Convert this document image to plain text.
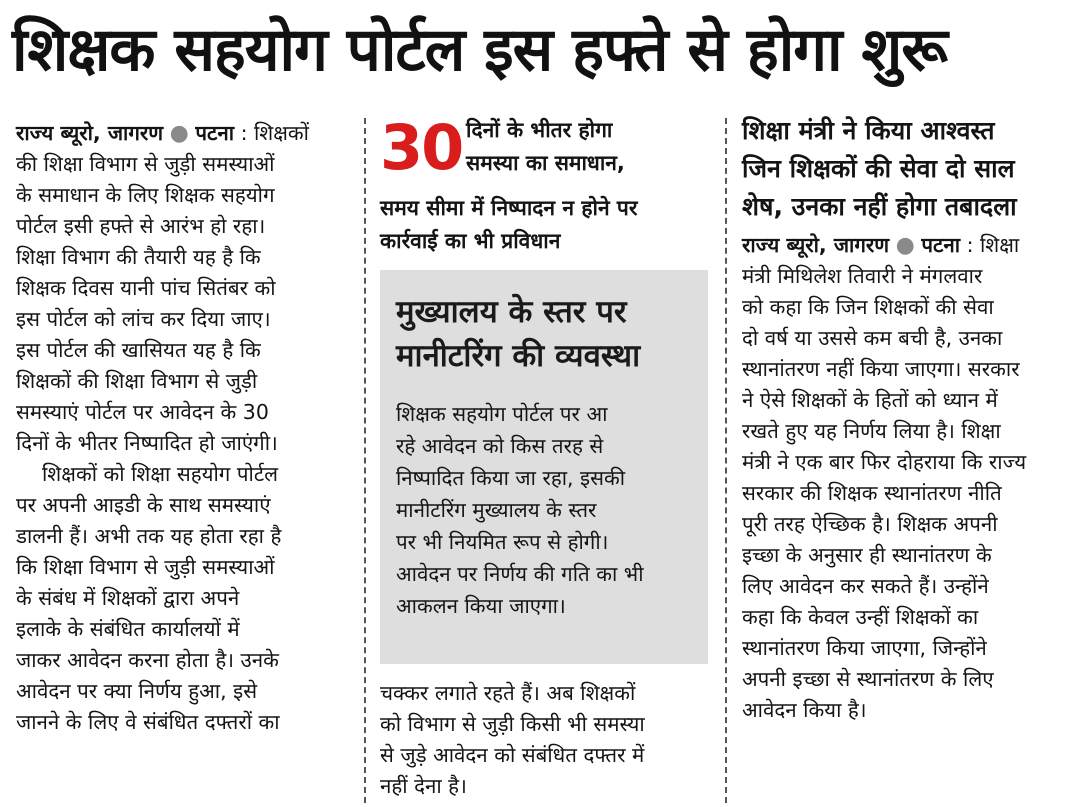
शिक्षक सहयोग पोर्टल इस हफ्ते से होगा शुरू
राज्य ब्यूरो, जागरण ● पटना : शिक्षकों
की शिक्षा विभाग से जुड़ी समस्याओं
के समाधान के लिए शिक्षक सहयोग
पोर्टल इसी हफ्ते से आरंभ हो रहा।
शिक्षा विभाग की तैयारी यह है कि
शिक्षक दिवस यानी पांच सितंबर को
इस पोर्टल को लांच कर दिया जाए।
इस पोर्टल की खासियत यह है कि
शिक्षकों की शिक्षा विभाग से जुड़ी
समस्याएं पोर्टल पर आवेदन के 30
दिनों के भीतर निष्पादित हो जाएंगी।
शिक्षकों को शिक्षा सहयोग पोर्टल
पर अपनी आइडी के साथ समस्याएं
डालनी हैं। अभी तक यह होता रहा है
कि शिक्षा विभाग से जुड़ी समस्याओं
के संबंध में शिक्षकों द्वारा अपने
इलाके के संबंधित कार्यालयों में
जाकर आवेदन करना होता है। उनके
आवेदन पर क्या निर्णय हुआ, इसे
जानने के लिए वे संबंधित दफ्तरों का
30 दिनों के भीतर होगा
समस्या का समाधान,
समय सीमा में निष्पादन न होने पर
कार्रवाई का भी प्रविधान
मुख्यालय के स्तर पर
मानीटरिंग की व्यवस्था
शिक्षक सहयोग पोर्टल पर आ
रहे आवेदन को किस तरह से
निष्पादित किया जा रहा, इसकी
मानीटरिंग मुख्यालय के स्तर
पर भी नियमित रूप से होगी।
आवेदन पर निर्णय की गति का भी
आकलन किया जाएगा।
चक्कर लगाते रहते हैं। अब शिक्षकों
को विभाग से जुड़ी किसी भी समस्या
से जुड़े आवेदन को संबंधित दफ्तर में
नहीं देना है।
शिक्षा मंत्री ने किया आश्वस्त
जिन शिक्षकों की सेवा दो साल
शेष, उनका नहीं होगा तबादला
राज्य ब्यूरो, जागरण ● पटना : शिक्षा
मंत्री मिथिलेश तिवारी ने मंगलवार
को कहा कि जिन शिक्षकों की सेवा
दो वर्ष या उससे कम बची है, उनका
स्थानांतरण नहीं किया जाएगा। सरकार
ने ऐसे शिक्षकों के हितों को ध्यान में
रखते हुए यह निर्णय लिया है। शिक्षा
मंत्री ने एक बार फिर दोहराया कि राज्य
सरकार की शिक्षक स्थानांतरण नीति
पूरी तरह ऐच्छिक है। शिक्षक अपनी
इच्छा के अनुसार ही स्थानांतरण के
लिए आवेदन कर सकते हैं। उन्होंने
कहा कि केवल उन्हीं शिक्षकों का
स्थानांतरण किया जाएगा, जिन्होंने
अपनी इच्छा से स्थानांतरण के लिए
आवेदन किया है।
